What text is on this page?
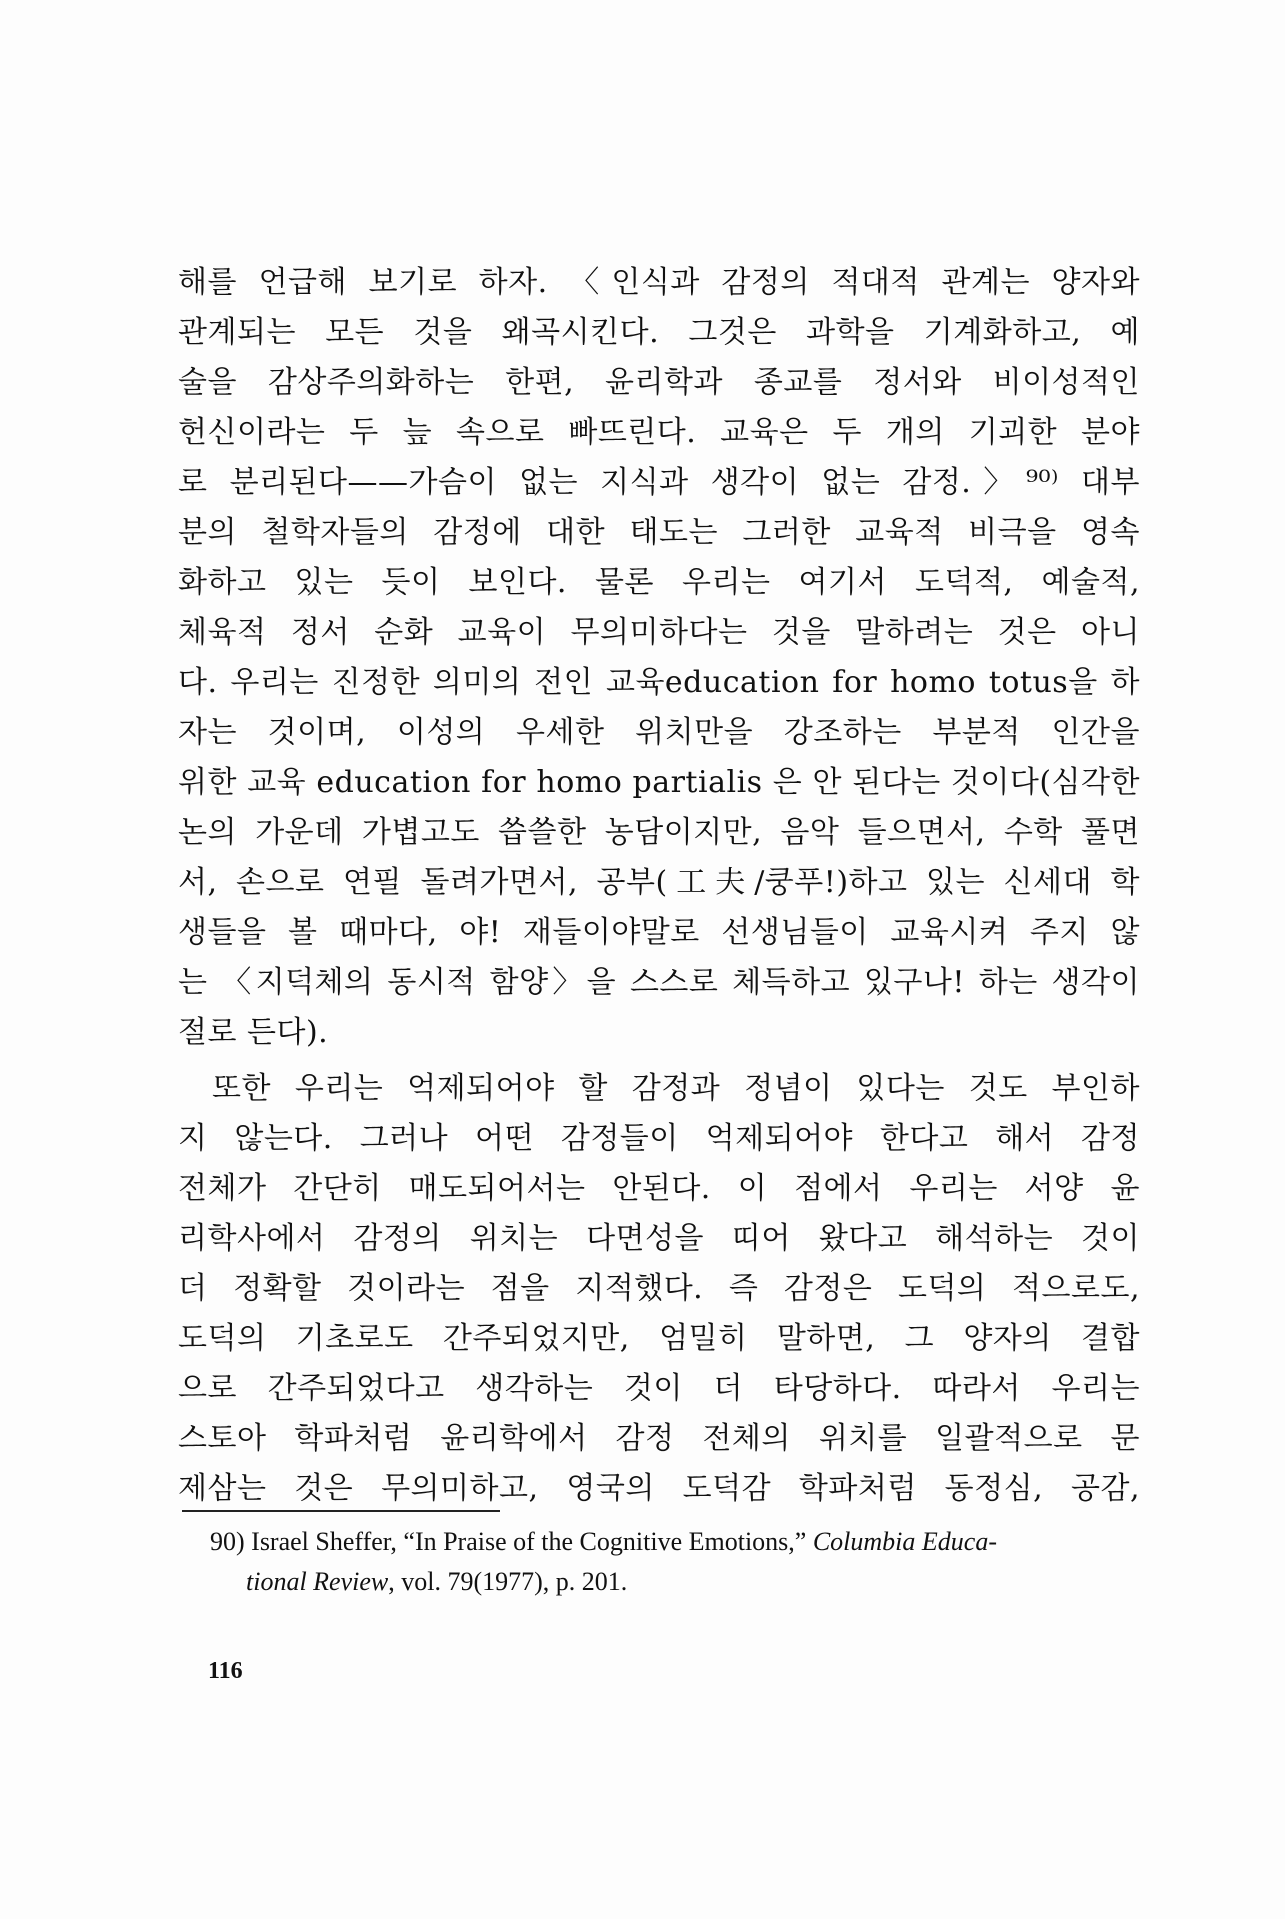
해를 언급해 보기로 하자. 〈인식과 감정의 적대적 관계는 양자와
관계되는 모든 것을 왜곡시킨다. 그것은 과학을 기계화하고, 예
술을 감상주의화하는 한편, 윤리학과 종교를 정서와 비이성적인
헌신이라는 두 늪 속으로 빠뜨린다. 교육은 두 개의 기괴한 분야
로 분리된다——가슴이 없는 지식과 생각이 없는 감정.〉⁹⁰⁾ 대부
분의 철학자들의 감정에 대한 태도는 그러한 교육적 비극을 영속
화하고 있는 듯이 보인다. 물론 우리는 여기서 도덕적, 예술적,
체육적 정서 순화 교육이 무의미하다는 것을 말하려는 것은 아니
다. 우리는 진정한 의미의 전인 교육education for homo totus을 하
자는 것이며, 이성의 우세한 위치만을 강조하는 부분적 인간을
위한 교육 education for homo partialis 은 안 된다는 것이다(심각한
논의 가운데 가볍고도 씁쓸한 농담이지만, 음악 들으면서, 수학 풀면
서, 손으로 연필 돌려가면서, 공부(工夫/쿵푸!)하고 있는 신세대 학
생들을 볼 때마다, 야! 재들이야말로 선생님들이 교육시켜 주지 않
는 〈지덕체의 동시적 함양〉을 스스로 체득하고 있구나! 하는 생각이
절로 든다).
또한 우리는 억제되어야 할 감정과 정념이 있다는 것도 부인하
지 않는다. 그러나 어떤 감정들이 억제되어야 한다고 해서 감정
전체가 간단히 매도되어서는 안된다. 이 점에서 우리는 서양 윤
리학사에서 감정의 위치는 다면성을 띠어 왔다고 해석하는 것이
더 정확할 것이라는 점을 지적했다. 즉 감정은 도덕의 적으로도,
도덕의 기초로도 간주되었지만, 엄밀히 말하면, 그 양자의 결합
으로 간주되었다고 생각하는 것이 더 타당하다. 따라서 우리는
스토아 학파처럼 윤리학에서 감정 전체의 위치를 일괄적으로 문
제삼는 것은 무의미하고, 영국의 도덕감 학파처럼 동정심, 공감,
90) Israel Sheffer, “In Praise of the Cognitive Emotions,” Columbia Educa-
tional Review, vol. 79(1977), p. 201.
116
